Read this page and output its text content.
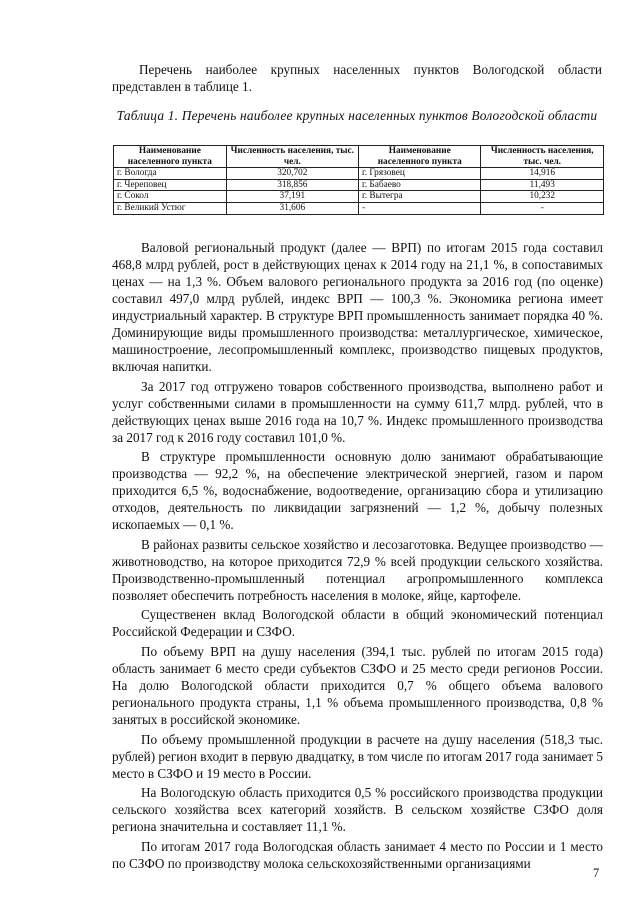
Перечень наиболее крупных населенных пунктов Вологодской области представлен в таблице 1.

Таблица 1. Перечень наиболее крупных населенных пунктов Вологодской области

Наименование населенного пункта	Численность населения, тыс. чел.	Наименование населенного пункта	Численность населения, тыс. чел.
г. Вологда	320,702	г. Грязовец	14,916
г. Череповец	318,856	г. Бабаево	11,493
г. Сокол	37,191	г. Вытегра	10,232
г. Великий Устюг	31,606	-	-

Валовой региональный продукт (далее — ВРП) по итогам 2015 года составил 468,8 млрд рублей, рост в действующих ценах к 2014 году на 21,1 %, в сопоставимых ценах — на 1,3 %. Объем валового регионального продукта за 2016 год (по оценке) составил 497,0 млрд рублей, индекс ВРП — 100,3 %. Экономика региона имеет индустриальный характер. В структуре ВРП промышленность занимает порядка 40 %. Доминирующие виды промышленного производства: металлургическое, химическое, машиностроение, лесопромышленный комплекс, производство пищевых продуктов, включая напитки.

За 2017 год отгружено товаров собственного производства, выполнено работ и услуг собственными силами в промышленности на сумму 611,7 млрд. рублей, что в действующих ценах выше 2016 года на 10,7 %. Индекс промышленного производства за 2017 год к 2016 году составил 101,0 %.

В структуре промышленности основную долю занимают обрабатывающие производства — 92,2 %, на обеспечение электрической энергией, газом и паром приходится 6,5 %, водоснабжение, водоотведение, организацию сбора и утилизацию отходов, деятельность по ликвидации загрязнений — 1,2 %, добычу полезных ископаемых — 0,1 %.

В районах развиты сельское хозяйство и лесозаготовка. Ведущее производство — животноводство, на которое приходится 72,9 % всей продукции сельского хозяйства. Производственно-промышленный потенциал агропромышленного комплекса позволяет обеспечить потребность населения в молоке, яйце, картофеле.

Существенен вклад Вологодской области в общий экономический потенциал Российской Федерации и СЗФО.

По объему ВРП на душу населения (394,1 тыс. рублей по итогам 2015 года) область занимает 6 место среди субъектов СЗФО и 25 место среди регионов России. На долю Вологодской области приходится 0,7 % общего объема валового регионального продукта страны, 1,1 % объема промышленного производства, 0,8 % занятых в российской экономике.

По объему промышленной продукции в расчете на душу населения (518,3 тыс. рублей) регион входит в первую двадцатку, в том числе по итогам 2017 года занимает 5 место в СЗФО и 19 место в России.

На Вологодскую область приходится 0,5 % российского производства продукции сельского хозяйства всех категорий хозяйств. В сельском хозяйстве СЗФО доля региона значительна и составляет 11,1 %.

По итогам 2017 года Вологодская область занимает 4 место по России и 1 место по СЗФО по производству молока сельскохозяйственными организациями

7
